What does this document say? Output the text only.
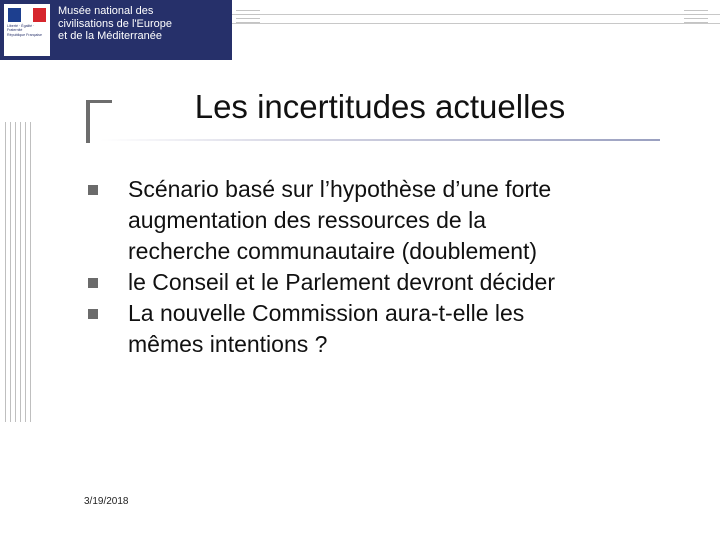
Liberté · Égalité · Fraternité
République Française
Culture
Communication
Musée national des
civilisations de l'Europe
et de la Méditerranée
Les incertitudes actuelles
Scénario basé sur l’hypothèse d’une forte
augmentation des ressources de la
recherche communautaire (doublement)
le Conseil et le Parlement devront décider
La nouvelle Commission aura-t-elle les
mêmes intentions ?
3/19/2018
